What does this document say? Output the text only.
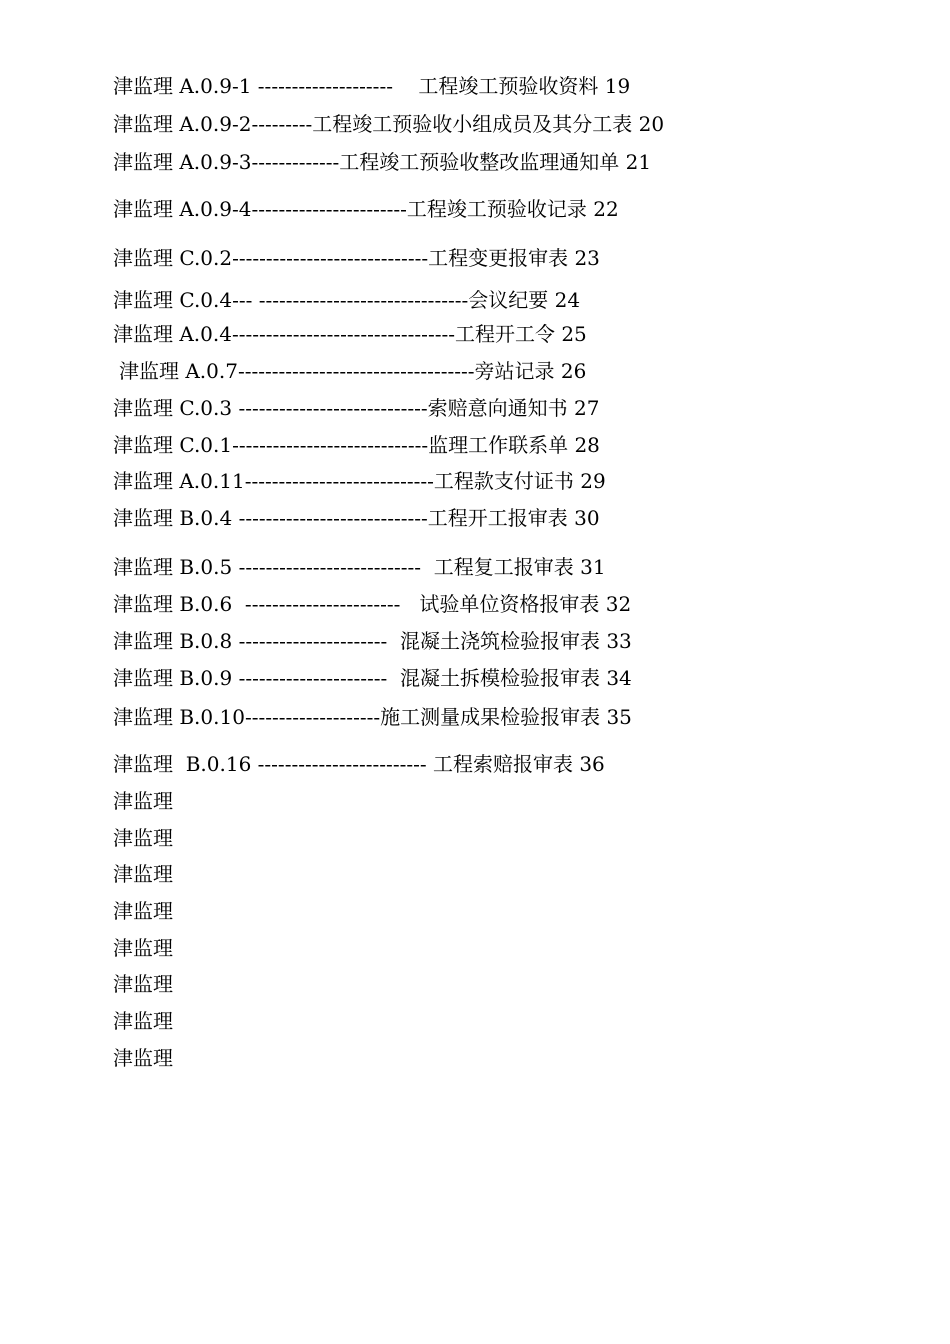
津监理 A.0.9-1 --------------------    工程竣工预验收资料 19
津监理 A.0.9-2---------工程竣工预验收小组成员及其分工表 20
津监理 A.0.9-3-------------工程竣工预验收整改监理通知单 21
津监理 A.0.9-4-----------------------工程竣工预验收记录 22
津监理 C.0.2-----------------------------工程变更报审表 23
津监理 C.0.4--- -------------------------------会议纪要 24
津监理 A.0.4---------------------------------工程开工令 25
津监理 A.0.7-----------------------------------旁站记录 26
津监理 C.0.3 ----------------------------索赔意向通知书 27
津监理 C.0.1-----------------------------监理工作联系单 28
津监理 A.0.11----------------------------工程款支付证书 29
津监理 B.0.4 ----------------------------工程开工报审表 30
津监理 B.0.5 ---------------------------  工程复工报审表 31
津监理 B.0.6  -----------------------   试验单位资格报审表 32
津监理 B.0.8 ----------------------  混凝土浇筑检验报审表 33
津监理 B.0.9 ----------------------  混凝土拆模检验报审表 34
津监理 B.0.10--------------------施工测量成果检验报审表 35
津监理  B.0.16 ------------------------- 工程索赔报审表 36
津监理
津监理
津监理
津监理
津监理
津监理
津监理
津监理
